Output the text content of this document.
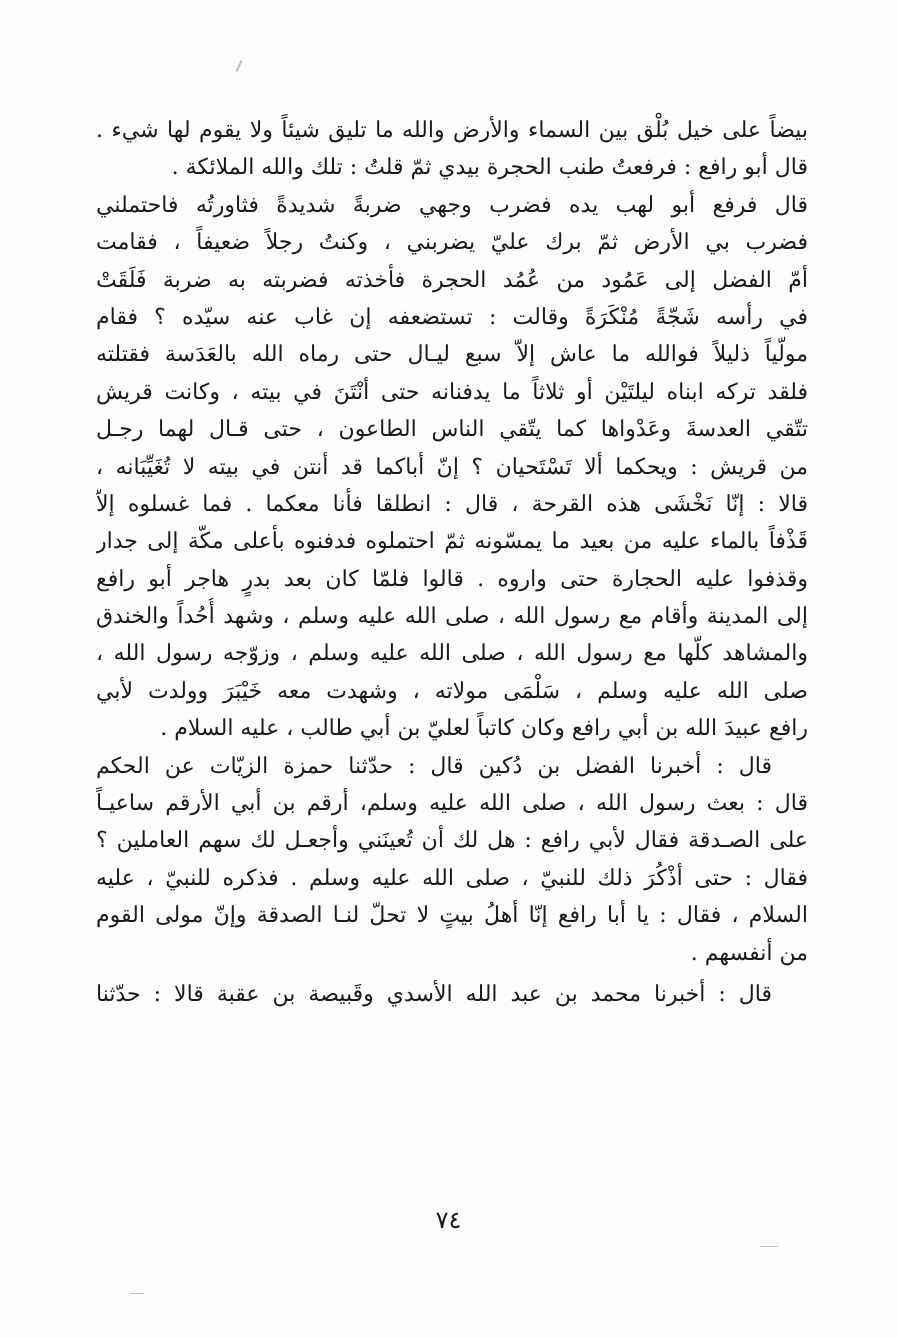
بيضاً على خيل بُلْق بين السماء والأرض والله ما تليق شيئاً ولا يقوم لها شيء .
قال أبو رافع : فرفعتُ طنب الحجرة بيدي ثمّ قلتُ : تلك والله الملائكة .
قال فرفع أبو لهب يده فضرب وجهي ضربةً شديدةً فثاورتُه فاحتملني
فضرب بي الأرض ثمّ برك عليّ يضربني ، وكنتُ رجلاً ضعيفاً ، فقامت
أمّ الفضل إلى عَمُود من عُمُد الحجرة فأخذته فضربته به ضربة فَلَقَتْ
في رأسه شَجّةً مُنْكَرَةً وقالت : تستضعفه إن غاب عنه سيّده ؟ فقام
مولّياً ذليلاً فوالله ما عاش إلاّ سبع ليـال حتى رماه الله بالعَدَسة فقتلته
فلقد تركه ابناه ليلتَيْن أو ثلاثاً ما يدفنانه حتى أنْتَنَ في بيته ، وكانت قريش
تتّقي العدسةَ وعَدْواها كما يتّقي الناس الطاعون ، حتى قـال لهما رجـل
من قريش : ويحكما ألا تَسْتَحيان ؟ إنّ أباكما قد أنتن في بيته لا تُغَيِّبَانه ،
قالا : إنّا نَخْشَى هذه القرحة ، قال : انطلقا فأنا معكما . فما غسلوه إلاّ
قَذْفاً بالماء عليه من بعيد ما يمسّونه ثمّ احتملوه فدفنوه بأعلى مكّة إلى جدار
وقذفوا عليه الحجارة حتى واروه . قالوا فلمّا كان بعد بدرٍ هاجر أبو رافع
إلى المدينة وأقام مع رسول الله ، صلى الله عليه وسلم ، وشهد أُحُداً والخندق
والمشاهد كلّها مع رسول الله ، صلى الله عليه وسلم ، وزوّجه رسول الله ،
صلى الله عليه وسلم ، سَلْمَى مولاته ، وشهدت معه خَيْبَرَ وولدت لأبي
رافع عبيدَ الله بن أبي رافع وكان كاتباً لعليّ بن أبي طالب ، عليه السلام .
قال : أخبرنا الفضل بن دُكين قال : حدّثنا حمزة الزيّات عن الحكم
قال : بعث رسول الله ، صلى الله عليه وسلم، أرقم بن أبي الأرقم ساعيـاً
على الصـدقة فقال لأبي رافع : هل لك أن تُعينَني وأجعـل لك سهم العاملين ؟
فقال : حتى أذْكُرَ ذلك للنبيّ ، صلى الله عليه وسلم . فذكره للنبيّ ، عليه
السلام ، فقال : يا أبا رافع إنّا أهلُ بيتٍ لا تحلّ لنـا الصدقة وإنّ مولى القوم
من أنفسهم .
قال : أخبرنا محمد بن عبد الله الأسدي وقَبيصة بن عقبة قالا : حدّثنا
٧٤
